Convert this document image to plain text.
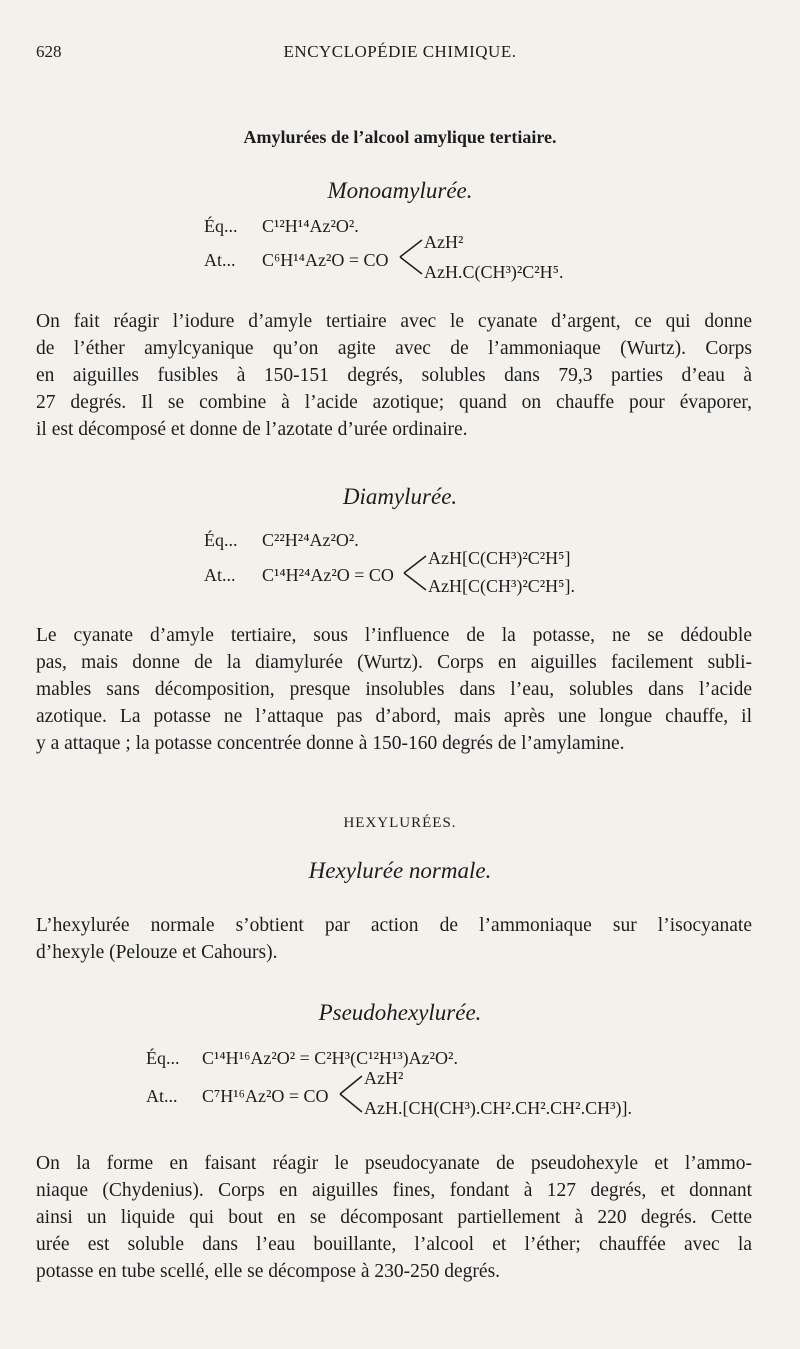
628	ENCYCLOPÉDIE CHIMIQUE.
Amylurées de l’alcool amylique tertiaire.
Monoamylurée.
Éq... C¹²H¹⁴Az²O².
At... C⁶H¹⁴Az²O = CO
AzH²
AzH.C(CH³)²C²H⁵.
On fait réagir l’iodure d’amyle tertiaire avec le cyanate d’argent, ce qui donne
de l’éther amylcyanique qu’on agite avec de l’ammoniaque (Wurtz). Corps
en aiguilles fusibles à 150-151 degrés, solubles dans 79,3 parties d’eau à
27 degrés. Il se combine à l’acide azotique; quand on chauffe pour évaporer,
il est décomposé et donne de l’azotate d’urée ordinaire.
Diamylurée.
Éq... C²²H²⁴Az²O².
At... C¹⁴H²⁴Az²O = CO
AzH[C(CH³)²C²H⁵]
AzH[C(CH³)²C²H⁵].
Le cyanate d’amyle tertiaire, sous l’influence de la potasse, ne se dédouble
pas, mais donne de la diamylurée (Wurtz). Corps en aiguilles facilement subli-
mables sans décomposition, presque insolubles dans l’eau, solubles dans l’acide
azotique. La potasse ne l’attaque pas d’abord, mais après une longue chauffe, il
y a attaque ; la potasse concentrée donne à 150-160 degrés de l’amylamine.
HEXYLURÉES.
Hexylurée normale.
L’hexylurée normale s’obtient par action de l’ammoniaque sur l’isocyanate
d’hexyle (Pelouze et Cahours).
Pseudohexylurée.
Éq... C¹⁴H¹⁶Az²O² = C²H³(C¹²H¹³)Az²O².
At... C⁷H¹⁶Az²O = CO
AzH²
AzH.[CH(CH³).CH².CH².CH².CH³)].
On la forme en faisant réagir le pseudocyanate de pseudohexyle et l’ammo-
niaque (Chydenius). Corps en aiguilles fines, fondant à 127 degrés, et donnant
ainsi un liquide qui bout en se décomposant partiellement à 220 degrés. Cette
urée est soluble dans l’eau bouillante, l’alcool et l’éther; chauffée avec la
potasse en tube scellé, elle se décompose à 230-250 degrés.
